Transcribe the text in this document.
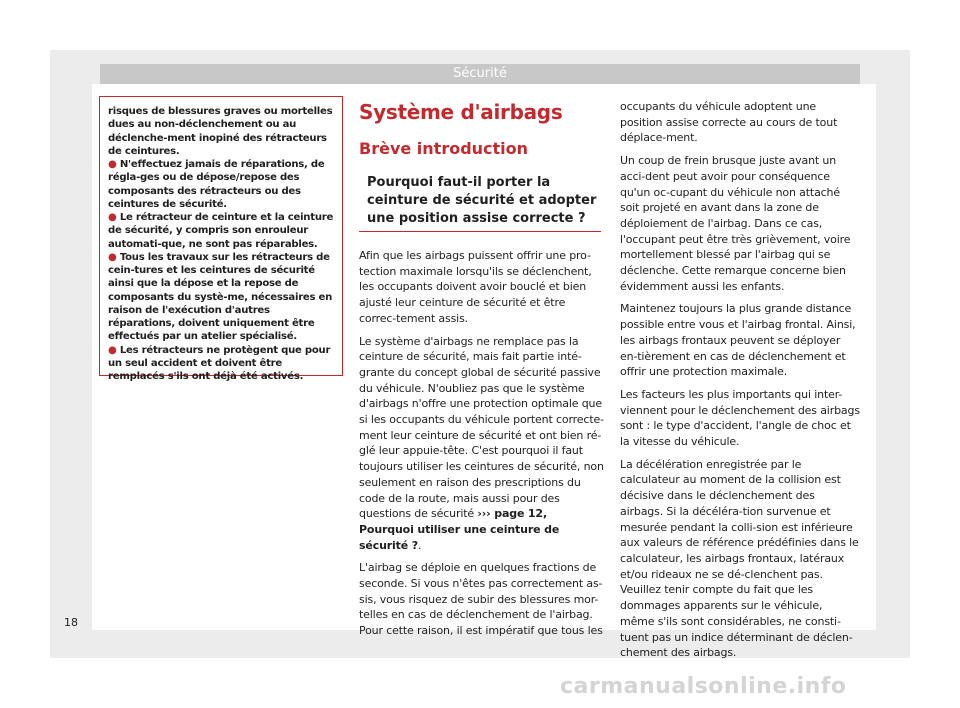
Sécurité

risques de blessures graves ou mortelles dues au non-déclenchement ou au déclenche-ment inopiné des rétracteurs de ceintures.

● N'effectuez jamais de réparations, de régla-ges ou de dépose/repose des composants des rétracteurs ou des ceintures de sécurité.

● Le rétracteur de ceinture et la ceinture de sécurité, y compris son enrouleur automati-que, ne sont pas réparables.

● Tous les travaux sur les rétracteurs de cein-tures et les ceintures de sécurité ainsi que la dépose et la repose de composants du systè-me, nécessaires en raison de l'exécution d'autres réparations, doivent uniquement être effectués par un atelier spécialisé.

● Les rétracteurs ne protègent que pour un seul accident et doivent être remplacés s'ils ont déjà été activés.

Système d'airbags
Brève introduction
Pourquoi faut-il porter la ceinture de sécurité et adopter une position assise correcte ?

Afin que les airbags puissent offrir une pro-tection maximale lorsqu'ils se déclenchent, les occupants doivent avoir bouclé et bien ajusté leur ceinture de sécurité et être correc-tement assis.

Le système d'airbags ne remplace pas la ceinture de sécurité, mais fait partie inté-grante du concept global de sécurité passive du véhicule. N'oubliez pas que le système d'airbags n'offre une protection optimale que si les occupants du véhicule portent correcte-ment leur ceinture de sécurité et ont bien ré-glé leur appuie-tête. C'est pourquoi il faut toujours utiliser les ceintures de sécurité, non seulement en raison des prescriptions du code de la route, mais aussi pour des questions de sécurité ››› page 12, Pourquoi utiliser une ceinture de sécurité ?.

L'airbag se déploie en quelques fractions de seconde. Si vous n'êtes pas correctement as-sis, vous risquez de subir des blessures mor-telles en cas de déclenchement de l'airbag. Pour cette raison, il est impératif que tous les

occupants du véhicule adoptent une position assise correcte au cours de tout déplace-ment.

Un coup de frein brusque juste avant un acci-dent peut avoir pour conséquence qu'un oc-cupant du véhicule non attaché soit projeté en avant dans la zone de déploiement de l'airbag. Dans ce cas, l'occupant peut être très grièvement, voire mortellement blessé par l'airbag qui se déclenche. Cette remarque concerne bien évidemment aussi les enfants.

Maintenez toujours la plus grande distance possible entre vous et l'airbag frontal. Ainsi, les airbags frontaux peuvent se déployer en-tièrement en cas de déclenchement et offrir une protection maximale.

Les facteurs les plus importants qui inter-viennent pour le déclenchement des airbags sont : le type d'accident, l'angle de choc et la vitesse du véhicule.

La décélération enregistrée par le calculateur au moment de la collision est décisive dans le déclenchement des airbags. Si la décéléra-tion survenue et mesurée pendant la colli-sion est inférieure aux valeurs de référence prédéfinies dans le calculateur, les airbags frontaux, latéraux et/ou rideaux ne se dé-clenchent pas. Veuillez tenir compte du fait que les dommages apparents sur le véhicule, même s'ils sont considérables, ne consti-tuent pas un indice déterminant de déclen-chement des airbags.

18
carmanualsonline.info
